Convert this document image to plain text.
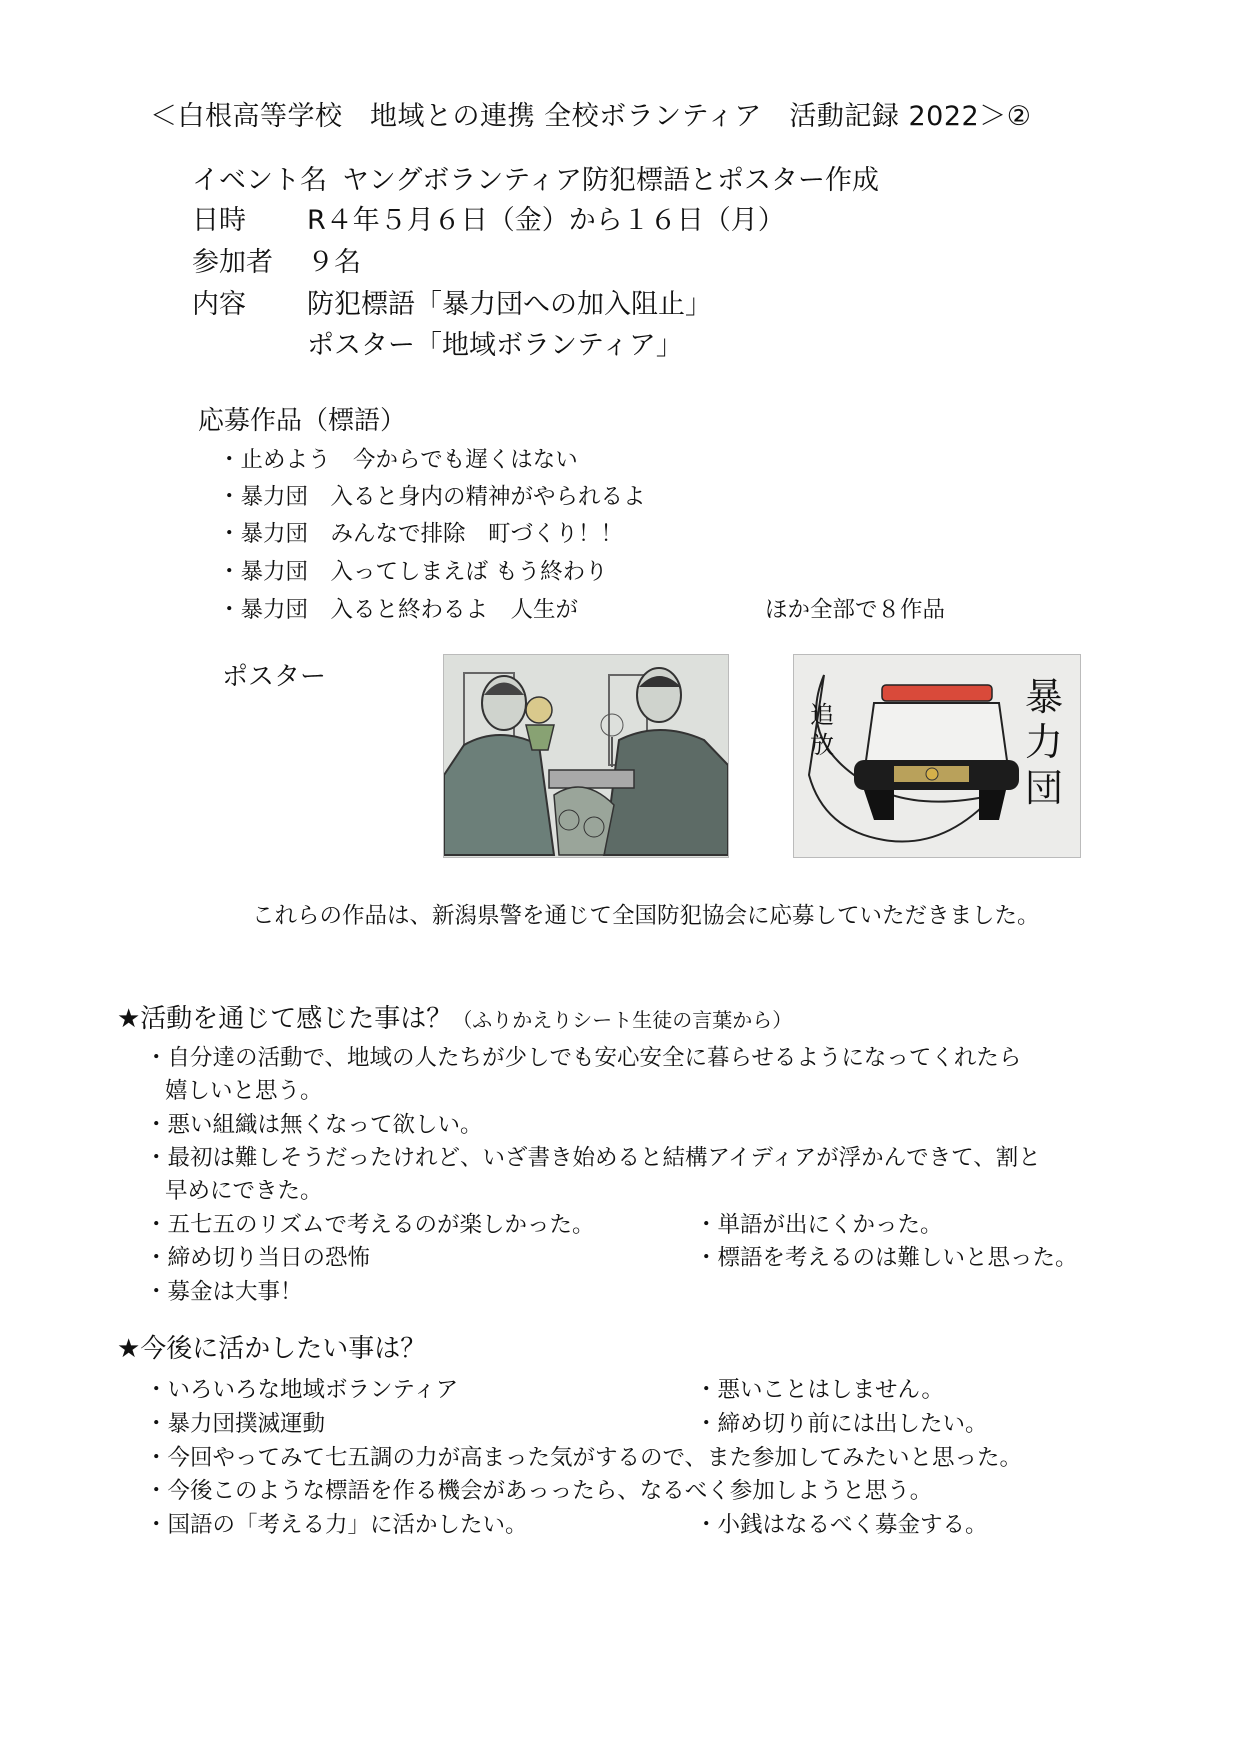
＜白根高等学校　地域との連携 全校ボランティア　活動記録 2022＞②
イベント名 ヤングボランティア防犯標語とポスター作成
日時 R４年５月６日（金）から１６日（月）
参加者 ９名
内容 防犯標語「暴力団への加入阻止」
ポスター「地域ボランティア」
応募作品（標語）
・止めよう　今からでも遅くはない
・暴力団　入ると身内の精神がやられるよ
・暴力団　みんなで排除　町づくり！！
・暴力団　入ってしまえば もう終わり
・暴力団　入ると終わるよ　人生が	ほか全部で８作品
ポスター	暴
力
団
追
放
これらの作品は、新潟県警を通じて全国防犯協会に応募していただきました。
★活動を通じて感じた事は？（ふりかえりシート生徒の言葉から）
・自分達の活動で、地域の人たちが少しでも安心安全に暮らせるようになってくれたら
嬉しいと思う。
・悪い組織は無くなって欲しい。
・最初は難しそうだったけれど、いざ書き始めると結構アイディアが浮かんできて、割と
早めにできた。
・五七五のリズムで考えるのが楽しかった。	・単語が出にくかった。
・締め切り当日の恐怖	・標語を考えるのは難しいと思った。
・募金は大事！
★今後に活かしたい事は？
・いろいろな地域ボランティア	・悪いことはしません。
・暴力団撲滅運動	・締め切り前には出したい。
・今回やってみて七五調の力が高まった気がするので、また参加してみたいと思った。
・今後このような標語を作る機会があっったら、なるべく参加しようと思う。
・国語の「考える力」に活かしたい。	・小銭はなるべく募金する。
